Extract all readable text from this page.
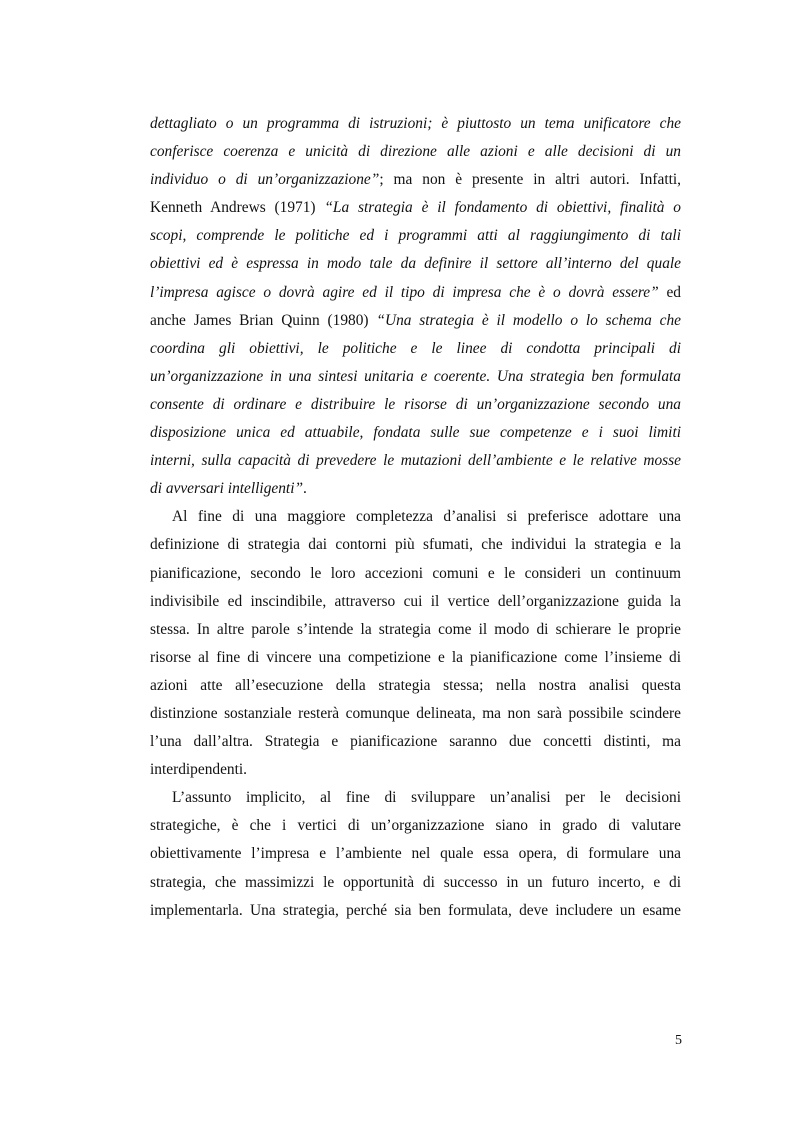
dettagliato o un programma di istruzioni; è piuttosto un tema unificatore che
conferisce coerenza e unicità di direzione alle azioni e alle decisioni di un
individuo o di un’organizzazione”; ma non è presente in altri autori. Infatti,
Kenneth Andrews (1971) “La strategia è il fondamento di obiettivi, finalità o
scopi, comprende le politiche ed i programmi atti al raggiungimento di tali
obiettivi ed è espressa in modo tale da definire il settore all’interno del quale
l’impresa agisce o dovrà agire ed il tipo di impresa che è o dovrà essere” ed
anche James Brian Quinn (1980) “Una strategia è il modello o lo schema che
coordina gli obiettivi, le politiche e le linee di condotta principali di
un’organizzazione in una sintesi unitaria e coerente. Una strategia ben formulata
consente di ordinare e distribuire le risorse di un’organizzazione secondo una
disposizione unica ed attuabile, fondata sulle sue competenze e i suoi limiti
interni, sulla capacità di prevedere le mutazioni dell’ambiente e le relative mosse
di avversari intelligenti”.
Al fine di una maggiore completezza d’analisi si preferisce adottare una
definizione di strategia dai contorni più sfumati, che individui la strategia e la
pianificazione, secondo le loro accezioni comuni e le consideri un continuum
indivisibile ed inscindibile, attraverso cui il vertice dell’organizzazione guida la
stessa. In altre parole s’intende la strategia come il modo di schierare le proprie
risorse al fine di vincere una competizione e la pianificazione come l’insieme di
azioni atte all’esecuzione della strategia stessa; nella nostra analisi questa
distinzione sostanziale resterà comunque delineata, ma non sarà possibile scindere
l’una dall’altra. Strategia e pianificazione saranno due concetti distinti, ma
interdipendenti.
L’assunto implicito, al fine di sviluppare un’analisi per le decisioni
strategiche, è che i vertici di un’organizzazione siano in grado di valutare
obiettivamente l’impresa e l’ambiente nel quale essa opera, di formulare una
strategia, che massimizzi le opportunità di successo in un futuro incerto, e di
implementarla. Una strategia, perché sia ben formulata, deve includere un esame
5
